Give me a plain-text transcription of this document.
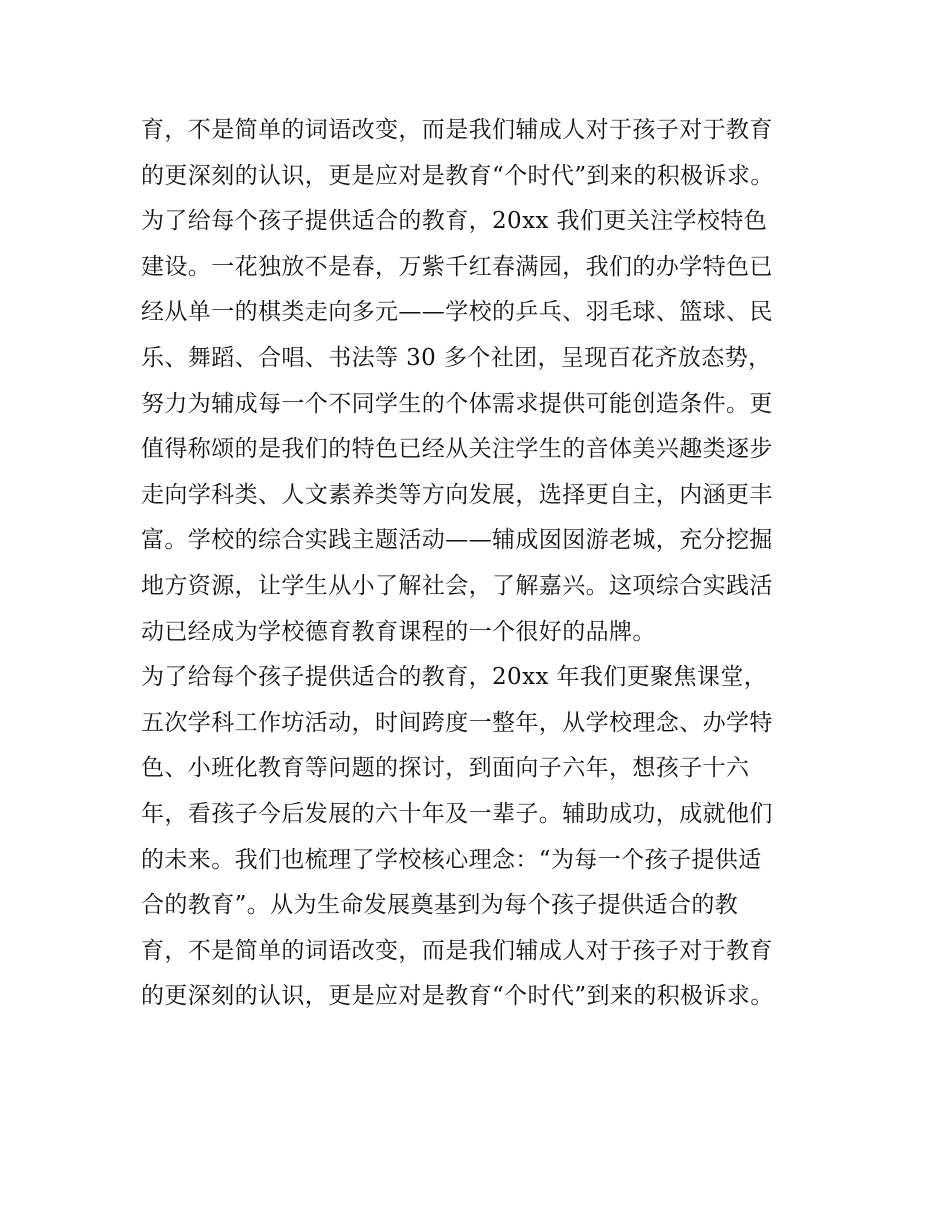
育，不是简单的词语改变，而是我们辅成人对于孩子对于教育
的更深刻的认识，更是应对是教育“个时代”到来的积极诉求。
为了给每个孩子提供适合的教育，20xx 我们更关注学校特色
建设。一花独放不是春，万紫千红春满园，我们的办学特色已
经从单一的棋类走向多元——学校的乒乓、羽毛球、篮球、民
乐、舞蹈、合唱、书法等 30 多个社团，呈现百花齐放态势，
努力为辅成每一个不同学生的个体需求提供可能创造条件。更
值得称颂的是我们的特色已经从关注学生的音体美兴趣类逐步
走向学科类、人文素养类等方向发展，选择更自主，内涵更丰
富。学校的综合实践主题活动——辅成囡囡游老城，充分挖掘
地方资源，让学生从小了解社会，了解嘉兴。这项综合实践活
动已经成为学校德育教育课程的一个很好的品牌。
为了给每个孩子提供适合的教育，20xx 年我们更聚焦课堂，
五次学科工作坊活动，时间跨度一整年，从学校理念、办学特
色、小班化教育等问题的探讨，到面向子六年，想孩子十六
年，看孩子今后发展的六十年及一辈子。辅助成功，成就他们
的未来。我们也梳理了学校核心理念：“为每一个孩子提供适
合的教育”。从为生命发展奠基到为每个孩子提供适合的教
育，不是简单的词语改变，而是我们辅成人对于孩子对于教育
的更深刻的认识，更是应对是教育“个时代”到来的积极诉求。
